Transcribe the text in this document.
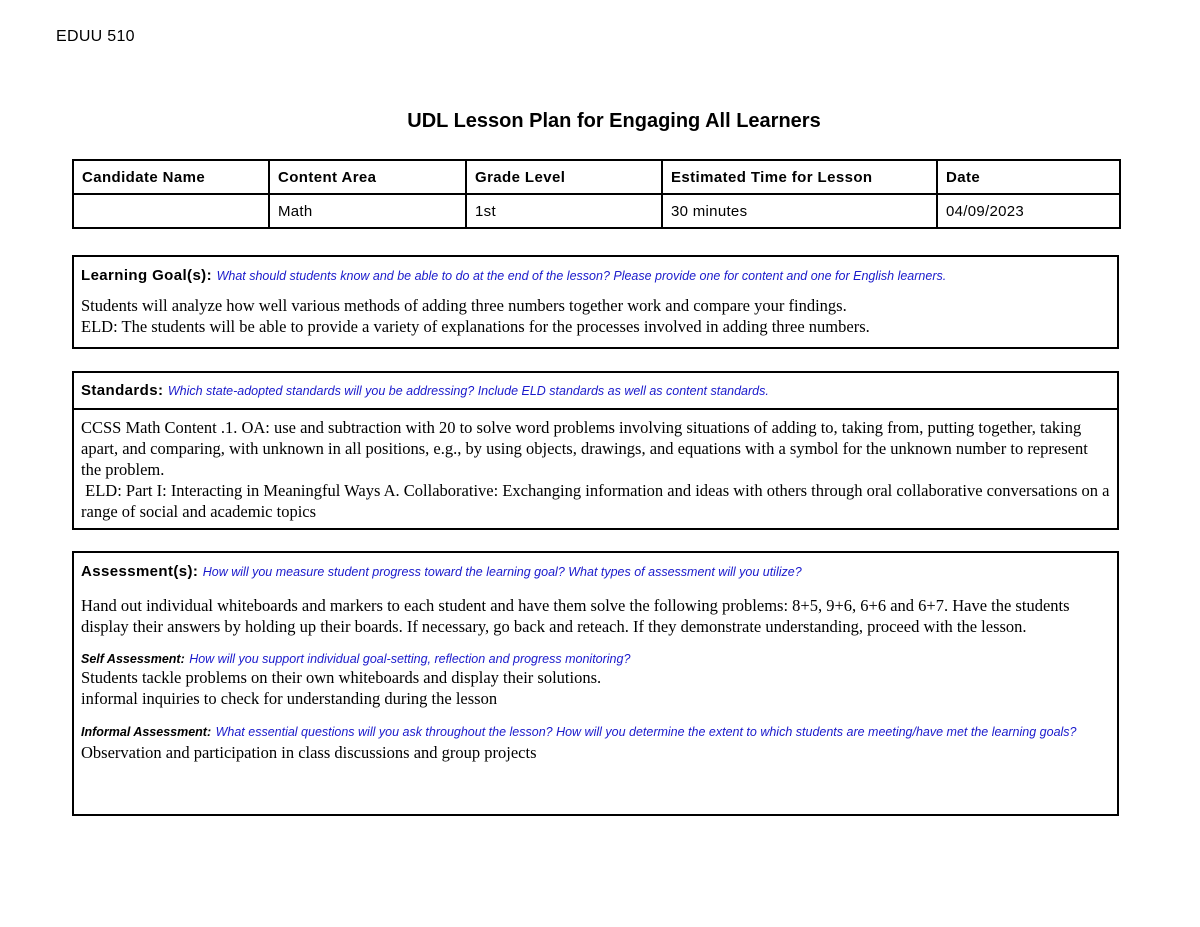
EDUU 510
UDL Lesson Plan for Engaging All Learners
Candidate Name	Content Area	Grade Level	Estimated Time for Lesson	Date
	Math	1st	30 minutes	04/09/2023
Learning Goal(s): What should students know and be able to do at the end of the lesson? Please provide one for content and one for English learners.
Students will analyze how well various methods of adding three numbers together work and compare your findings.
ELD: The students will be able to provide a variety of explanations for the processes involved in adding three numbers.
Standards: Which state-adopted standards will you be addressing? Include ELD standards as well as content standards.
CCSS Math Content .1. OA: use and subtraction with 20 to solve word problems involving situations of adding to, taking from, putting together, taking apart, and comparing, with unknown in all positions, e.g., by using objects, drawings, and equations with a symbol for the unknown number to represent the problem.
ELD: Part I: Interacting in Meaningful Ways A. Collaborative: Exchanging information and ideas with others through oral collaborative conversations on a range of social and academic topics
Assessment(s): How will you measure student progress toward the learning goal? What types of assessment will you utilize?
Hand out individual whiteboards and markers to each student and have them solve the following problems: 8+5, 9+6, 6+6 and 6+7. Have the students display their answers by holding up their boards. If necessary, go back and reteach. If they demonstrate understanding, proceed with the lesson.
Self Assessment: How will you support individual goal-setting, reflection and progress monitoring?
Students tackle problems on their own whiteboards and display their solutions.
informal inquiries to check for understanding during the lesson
Informal Assessment: What essential questions will you ask throughout the lesson? How will you determine the extent to which students are meeting/have met the learning goals?
Observation and participation in class discussions and group projects
